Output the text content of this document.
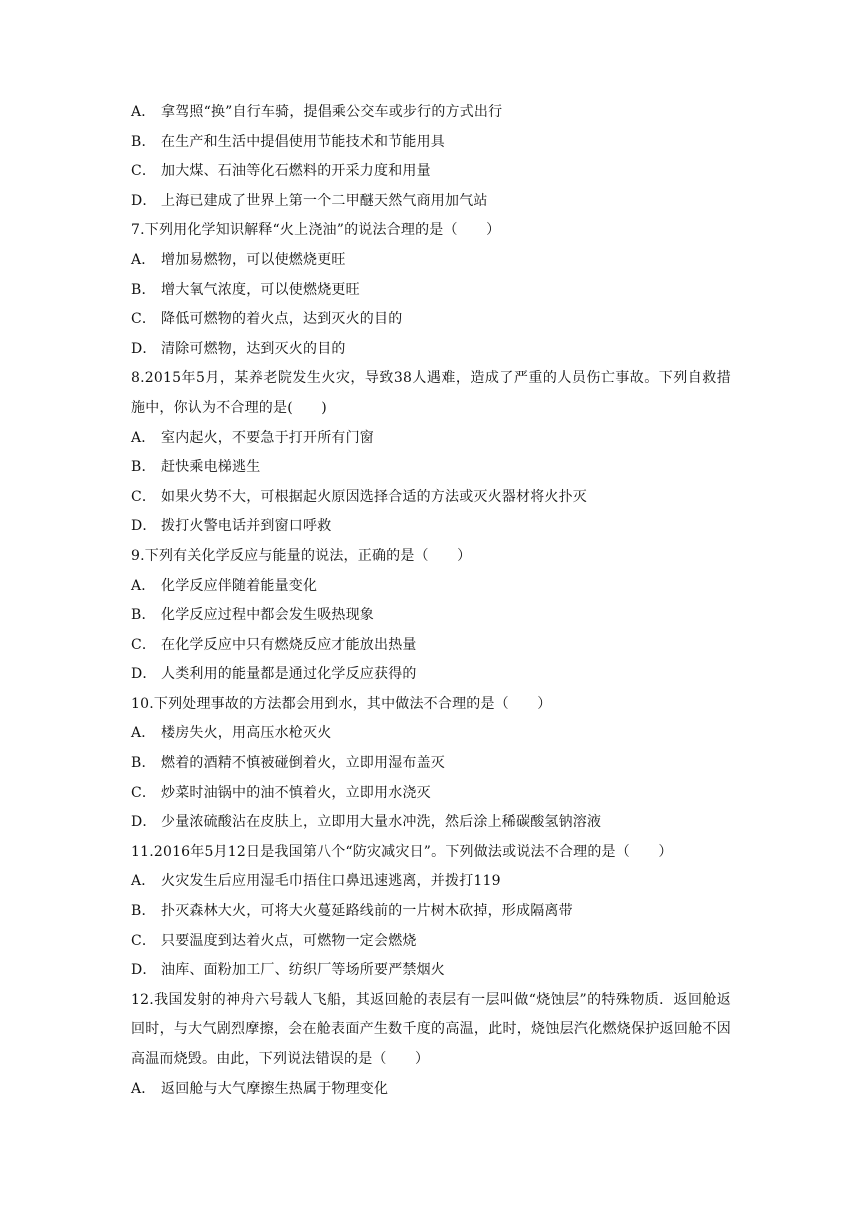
A． 拿驾照“换”自行车骑，提倡乘公交车或步行的方式出行
B． 在生产和生活中提倡使用节能技术和节能用具
C． 加大煤、石油等化石燃料的开采力度和用量
D． 上海已建成了世界上第一个二甲醚天然气商用加气站
7.下列用化学知识解释“火上浇油”的说法合理的是（　　）
A． 增加易燃物，可以使燃烧更旺
B． 增大氧气浓度，可以使燃烧更旺
C． 降低可燃物的着火点，达到灭火的目的
D． 清除可燃物，达到灭火的目的
8.2015年5月，某养老院发生火灾，导致38人遇难，造成了严重的人员伤亡事故。下列自救措施中，你认为不合理的是(　　)
A． 室内起火，不要急于打开所有门窗
B． 赶快乘电梯逃生
C． 如果火势不大，可根据起火原因选择合适的方法或灭火器材将火扑灭
D． 拨打火警电话并到窗口呼救
9.下列有关化学反应与能量的说法，正确的是（　　）
A． 化学反应伴随着能量变化
B． 化学反应过程中都会发生吸热现象
C． 在化学反应中只有燃烧反应才能放出热量
D． 人类利用的能量都是通过化学反应获得的
10.下列处理事故的方法都会用到水，其中做法不合理的是（　　）
A． 楼房失火，用高压水枪灭火
B． 燃着的酒精不慎被碰倒着火，立即用湿布盖灭
C． 炒菜时油锅中的油不慎着火，立即用水浇灭
D． 少量浓硫酸沾在皮肤上，立即用大量水冲洗，然后涂上稀碳酸氢钠溶液
11.2016年5月12日是我国第八个“防灾减灾日”。下列做法或说法不合理的是（　　）
A． 火灾发生后应用湿毛巾捂住口鼻迅速逃离，并拨打119
B． 扑灭森林大火，可将大火蔓延路线前的一片树木砍掉，形成隔离带
C． 只要温度到达着火点，可燃物一定会燃烧
D． 油库、面粉加工厂、纺织厂等场所要严禁烟火
12.我国发射的神舟六号载人飞船，其返回舱的表层有一层叫做“烧蚀层”的特殊物质．返回舱返回时，与大气剧烈摩擦，会在舱表面产生数千度的高温，此时，烧蚀层汽化燃烧保护返回舱不因高温而烧毁。由此，下列说法错误的是（　　）
A． 返回舱与大气摩擦生热属于物理变化
